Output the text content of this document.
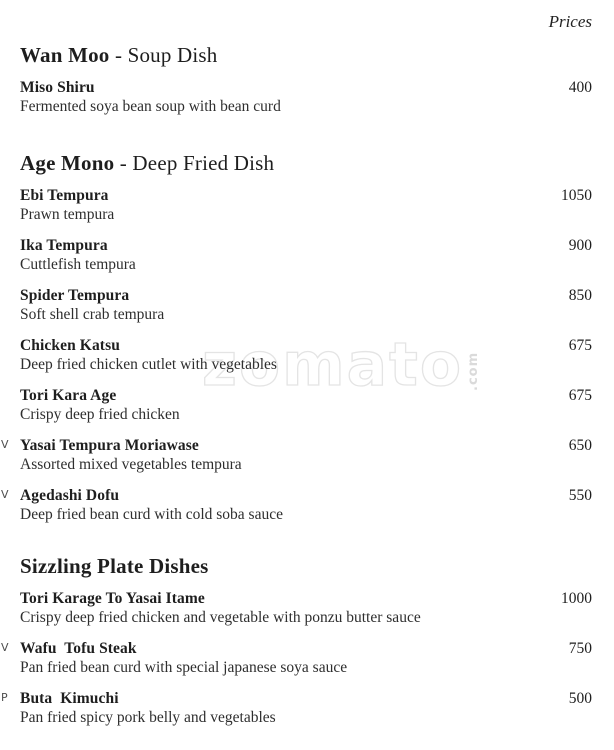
Prices
zomato .com
Wan Moo - Soup Dish
Miso Shiru	400
Fermented soya bean soup with bean curd
Age Mono - Deep Fried Dish
Ebi Tempura	1050
Prawn tempura
Ika Tempura	900
Cuttlefish tempura
Spider Tempura	850
Soft shell crab tempura
Chicken Katsu	675
Deep fried chicken cutlet with vegetables
Tori Kara Age	675
Crispy deep fried chicken
V Yasai Tempura Moriawase	650
Assorted mixed vegetables tempura
V Agedashi Dofu	550
Deep fried bean curd with cold soba sauce
Sizzling Plate Dishes
Tori Karage To Yasai Itame	1000
Crispy deep fried chicken and vegetable with ponzu butter sauce
V Wafu  Tofu Steak	750
Pan fried bean curd with special japanese soya sauce
P Buta  Kimuchi	500
Pan fried spicy pork belly and vegetables
